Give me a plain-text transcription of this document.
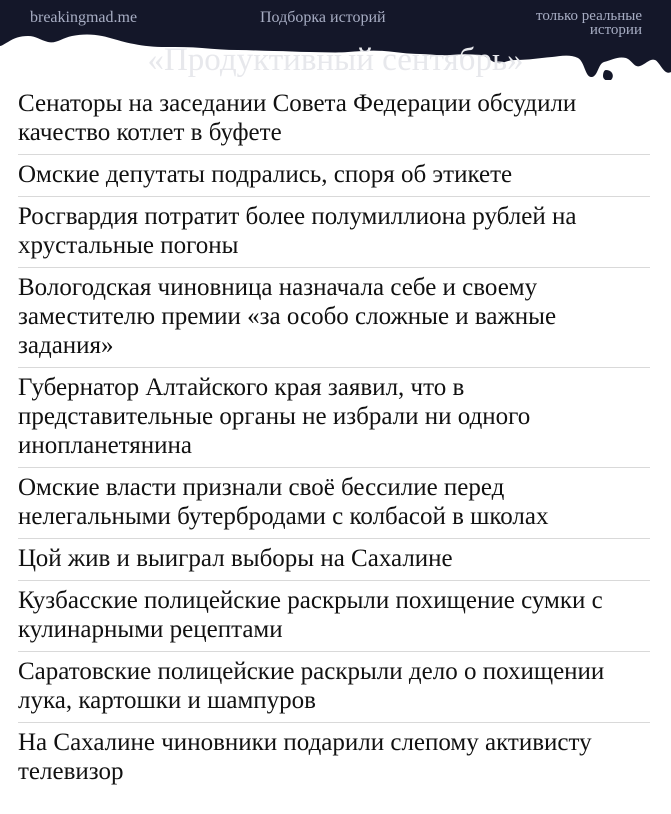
breakingmad.me	Подборка историй	только реальные истории
«Продуктивный сентябрь»
Сенаторы на заседании Совета Федерации обсудили качество котлет в буфете
Омские депутаты подрались, споря об этикете
Росгвардия потратит более полумиллиона рублей на хрустальные погоны
Вологодская чиновница назначала себе и своему заместителю премии «за особо сложные и важные задания»
Губернатор Алтайского края заявил, что в представительные органы не избрали ни одного инопланетянина
Омские власти признали своё бессилие перед нелегальными бутербродами с колбасой в школах
Цой жив и выиграл выборы на Сахалине
Кузбасские полицейские раскрыли похищение сумки с кулинарными рецептами
Саратовские полицейские раскрыли дело о похищении лука, картошки и шампуров
На Сахалине чиновники подарили слепому активисту телевизор
